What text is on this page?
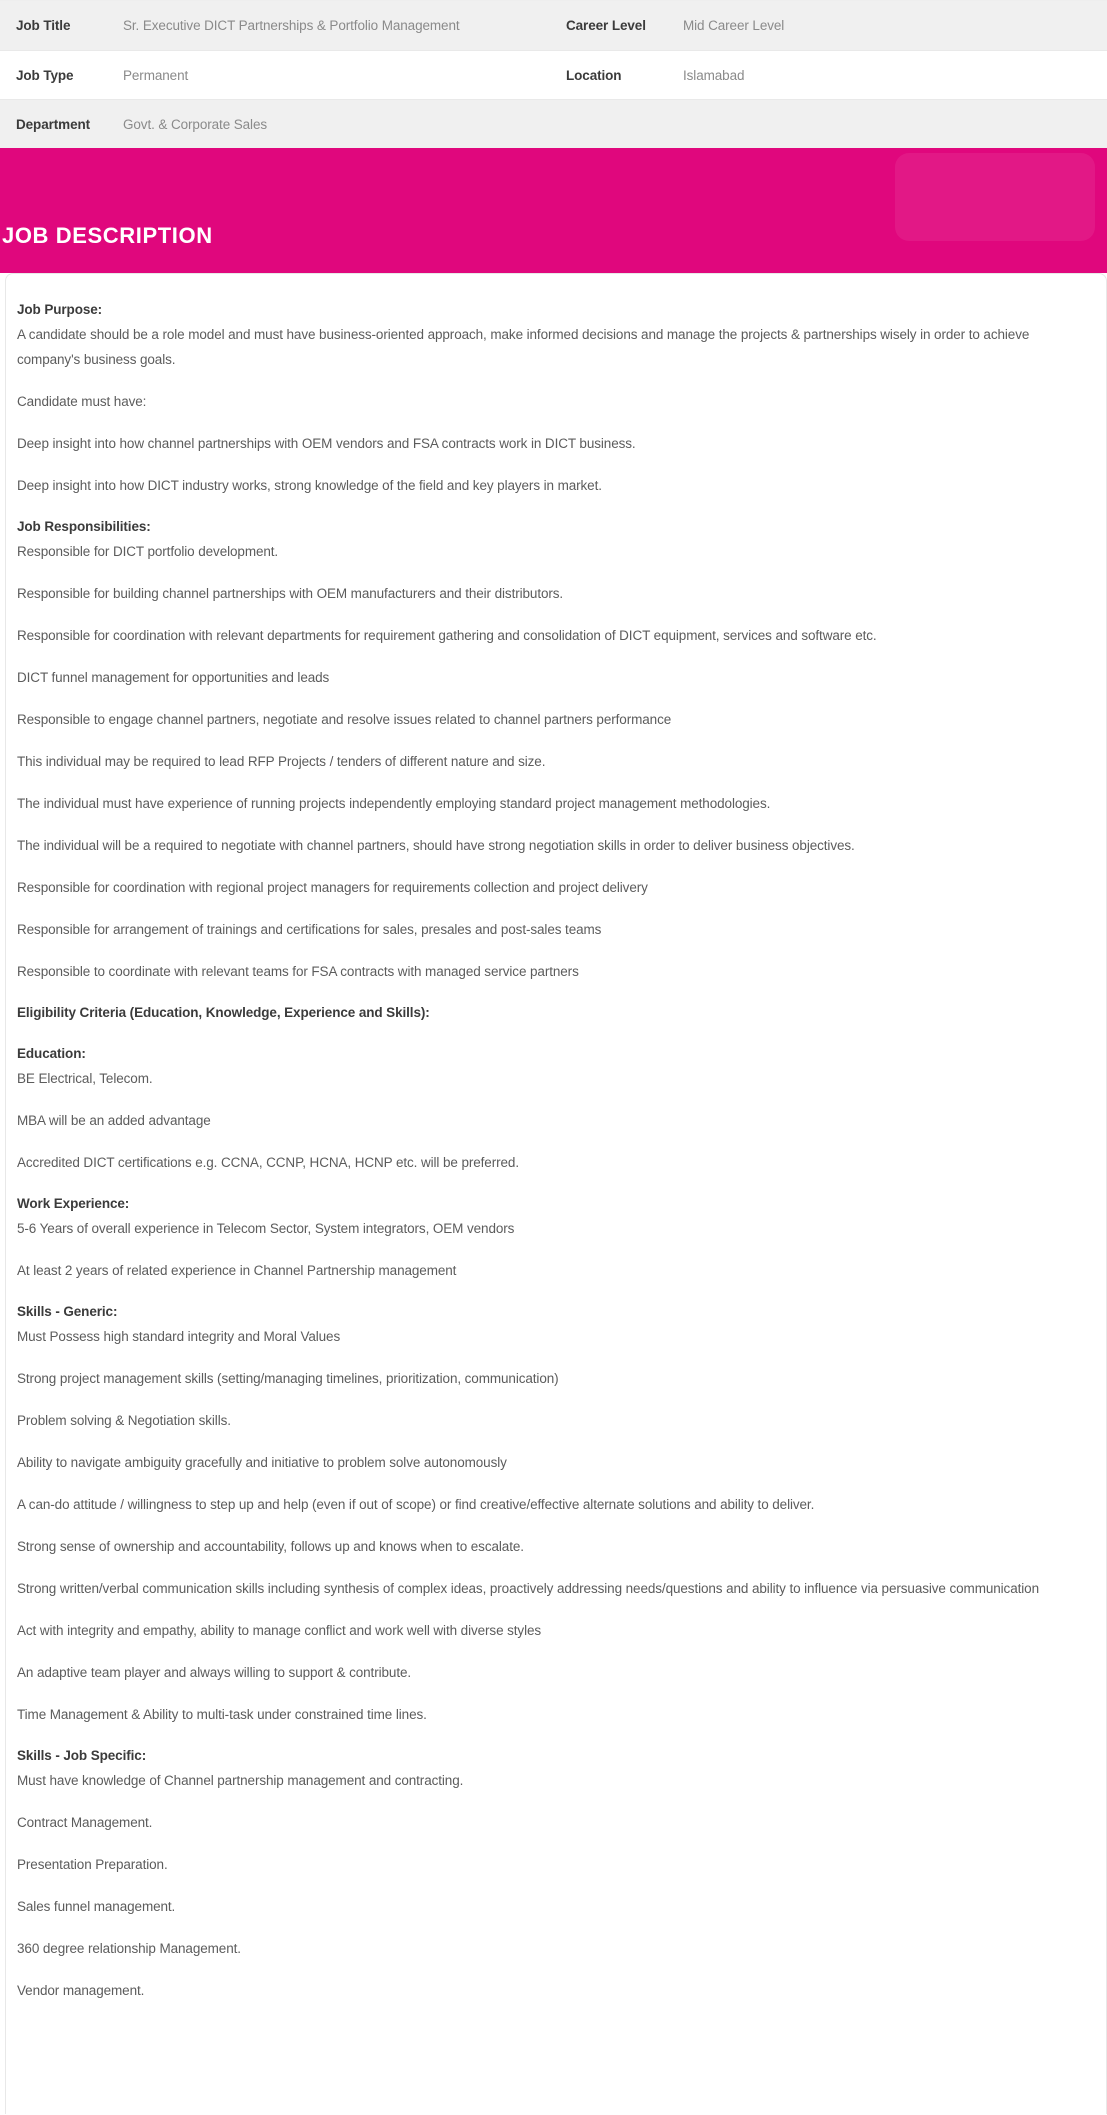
Job Title	Sr. Executive DICT Partnerships & Portfolio Management	Career Level	Mid Career Level
Job Type	Permanent	Location	Islamabad
Department	Govt. & Corporate Sales
JOB DESCRIPTION
Job Purpose:

A candidate should be a role model and must have business-oriented approach, make informed decisions and manage the projects & partnerships wisely in order to achieve company's business goals.

Candidate must have:

Deep insight into how channel partnerships with OEM vendors and FSA contracts work in DICT business.

Deep insight into how DICT industry works, strong knowledge of the field and key players in market.

Job Responsibilities:

Responsible for DICT portfolio development.

Responsible for building channel partnerships with OEM manufacturers and their distributors.

Responsible for coordination with relevant departments for requirement gathering and consolidation of DICT equipment, services and software etc.

DICT funnel management for opportunities and leads

Responsible to engage channel partners, negotiate and resolve issues related to channel partners performance

This individual may be required to lead RFP Projects / tenders of different nature and size.

The individual must have experience of running projects independently employing standard project management methodologies.

The individual will be a required to negotiate with channel partners, should have strong negotiation skills in order to deliver business objectives.

Responsible for coordination with regional project managers for requirements collection and project delivery

Responsible for arrangement of trainings and certifications for sales, presales and post-sales teams

Responsible to coordinate with relevant teams for FSA contracts with managed service partners

Eligibility Criteria (Education, Knowledge, Experience and Skills):
Education:

BE Electrical, Telecom.

MBA will be an added advantage

Accredited DICT certifications e.g. CCNA, CCNP, HCNA, HCNP etc. will be preferred.

Work Experience:

5-6 Years of overall experience in Telecom Sector, System integrators, OEM vendors

At least 2 years of related experience in Channel Partnership management

Skills - Generic:

Must Possess high standard integrity and Moral Values

Strong project management skills (setting/managing timelines, prioritization, communication)

Problem solving & Negotiation skills.

Ability to navigate ambiguity gracefully and initiative to problem solve autonomously

A can-do attitude / willingness to step up and help (even if out of scope) or find creative/effective alternate solutions and ability to deliver.

Strong sense of ownership and accountability, follows up and knows when to escalate.

Strong written/verbal communication skills including synthesis of complex ideas, proactively addressing needs/questions and ability to influence via persuasive communication

Act with integrity and empathy, ability to manage conflict and work well with diverse styles

An adaptive team player and always willing to support & contribute.

Time Management & Ability to multi-task under constrained time lines.

Skills - Job Specific:

Must have knowledge of Channel partnership management and contracting.

Contract Management.

Presentation Preparation.

Sales funnel management.

360 degree relationship Management.

Vendor management.
